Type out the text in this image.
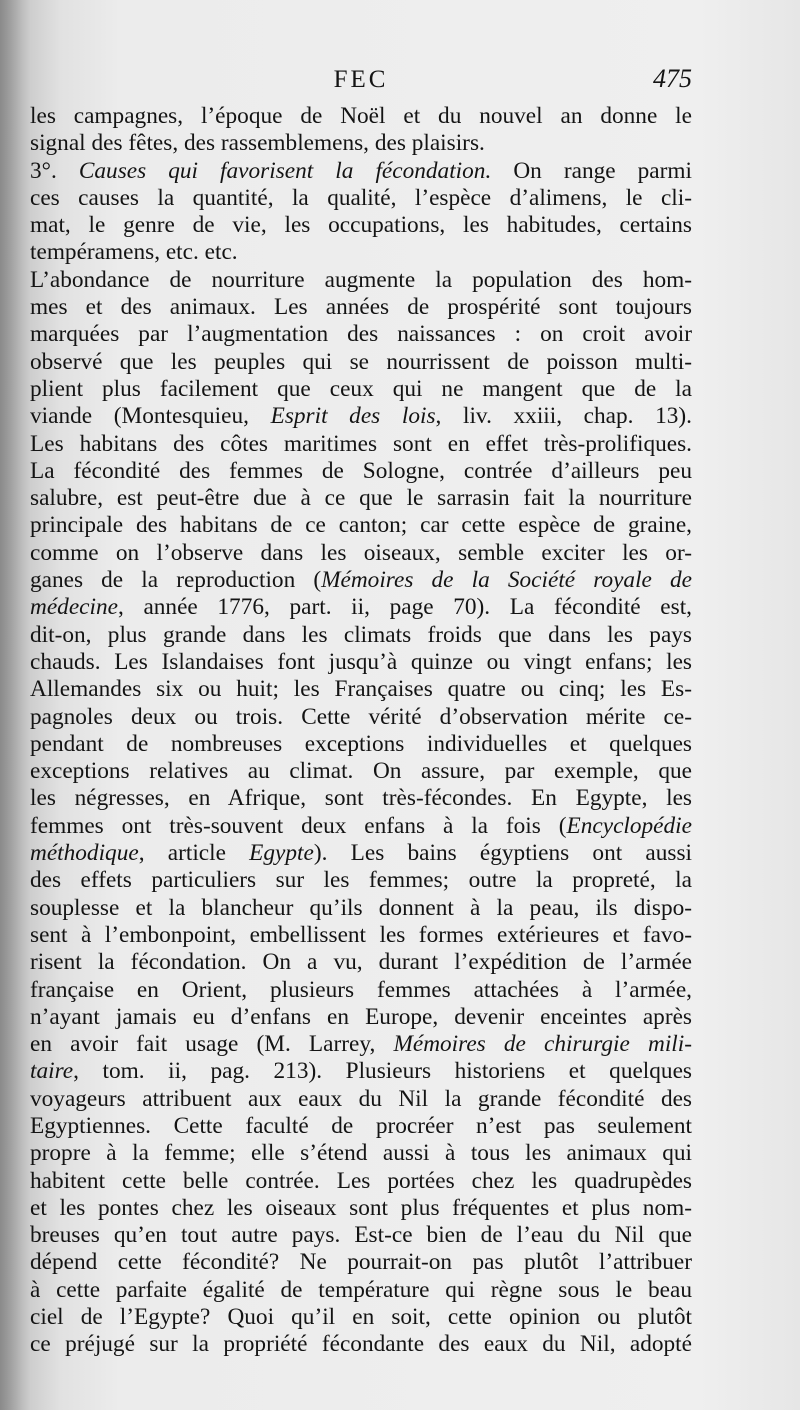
FEC	475
les campagnes, l’époque de Noël et du nouvel an donne le
signal des fêtes, des rassemblemens, des plaisirs.
3°. Causes qui favorisent la fécondation. On range parmi
ces causes la quantité, la qualité, l’espèce d’alimens, le cli-
mat, le genre de vie, les occupations, les habitudes, certains
tempéramens, etc. etc.
L’abondance de nourriture augmente la population des hom-
mes et des animaux. Les années de prospérité sont toujours
marquées par l’augmentation des naissances : on croit avoir
observé que les peuples qui se nourrissent de poisson multi-
plient plus facilement que ceux qui ne mangent que de la
viande (Montesquieu, Esprit des lois, liv. xxiii, chap. 13).
Les habitans des côtes maritimes sont en effet très-prolifiques.
La fécondité des femmes de Sologne, contrée d’ailleurs peu
salubre, est peut-être due à ce que le sarrasin fait la nourriture
principale des habitans de ce canton; car cette espèce de graine,
comme on l’observe dans les oiseaux, semble exciter les or-
ganes de la reproduction (Mémoires de la Société royale de
médecine, année 1776, part. ii, page 70). La fécondité est,
dit-on, plus grande dans les climats froids que dans les pays
chauds. Les Islandaises font jusqu’à quinze ou vingt enfans; les
Allemandes six ou huit; les Françaises quatre ou cinq; les Es-
pagnoles deux ou trois. Cette vérité d’observation mérite ce-
pendant de nombreuses exceptions individuelles et quelques
exceptions relatives au climat. On assure, par exemple, que
les négresses, en Afrique, sont très-fécondes. En Egypte, les
femmes ont très-souvent deux enfans à la fois (Encyclopédie
méthodique, article Egypte). Les bains égyptiens ont aussi
des effets particuliers sur les femmes; outre la propreté, la
souplesse et la blancheur qu’ils donnent à la peau, ils dispo-
sent à l’embonpoint, embellissent les formes extérieures et favo-
risent la fécondation. On a vu, durant l’expédition de l’armée
française en Orient, plusieurs femmes attachées à l’armée,
n’ayant jamais eu d’enfans en Europe, devenir enceintes après
en avoir fait usage (M. Larrey, Mémoires de chirurgie mili-
taire, tom. ii, pag. 213). Plusieurs historiens et quelques
voyageurs attribuent aux eaux du Nil la grande fécondité des
Egyptiennes. Cette faculté de procréer n’est pas seulement
propre à la femme; elle s’étend aussi à tous les animaux qui
habitent cette belle contrée. Les portées chez les quadrupèdes
et les pontes chez les oiseaux sont plus fréquentes et plus nom-
breuses qu’en tout autre pays. Est-ce bien de l’eau du Nil que
dépend cette fécondité? Ne pourrait-on pas plutôt l’attribuer
à cette parfaite égalité de température qui règne sous le beau
ciel de l’Egypte? Quoi qu’il en soit, cette opinion ou plutôt
ce préjugé sur la propriété fécondante des eaux du Nil, adopté
